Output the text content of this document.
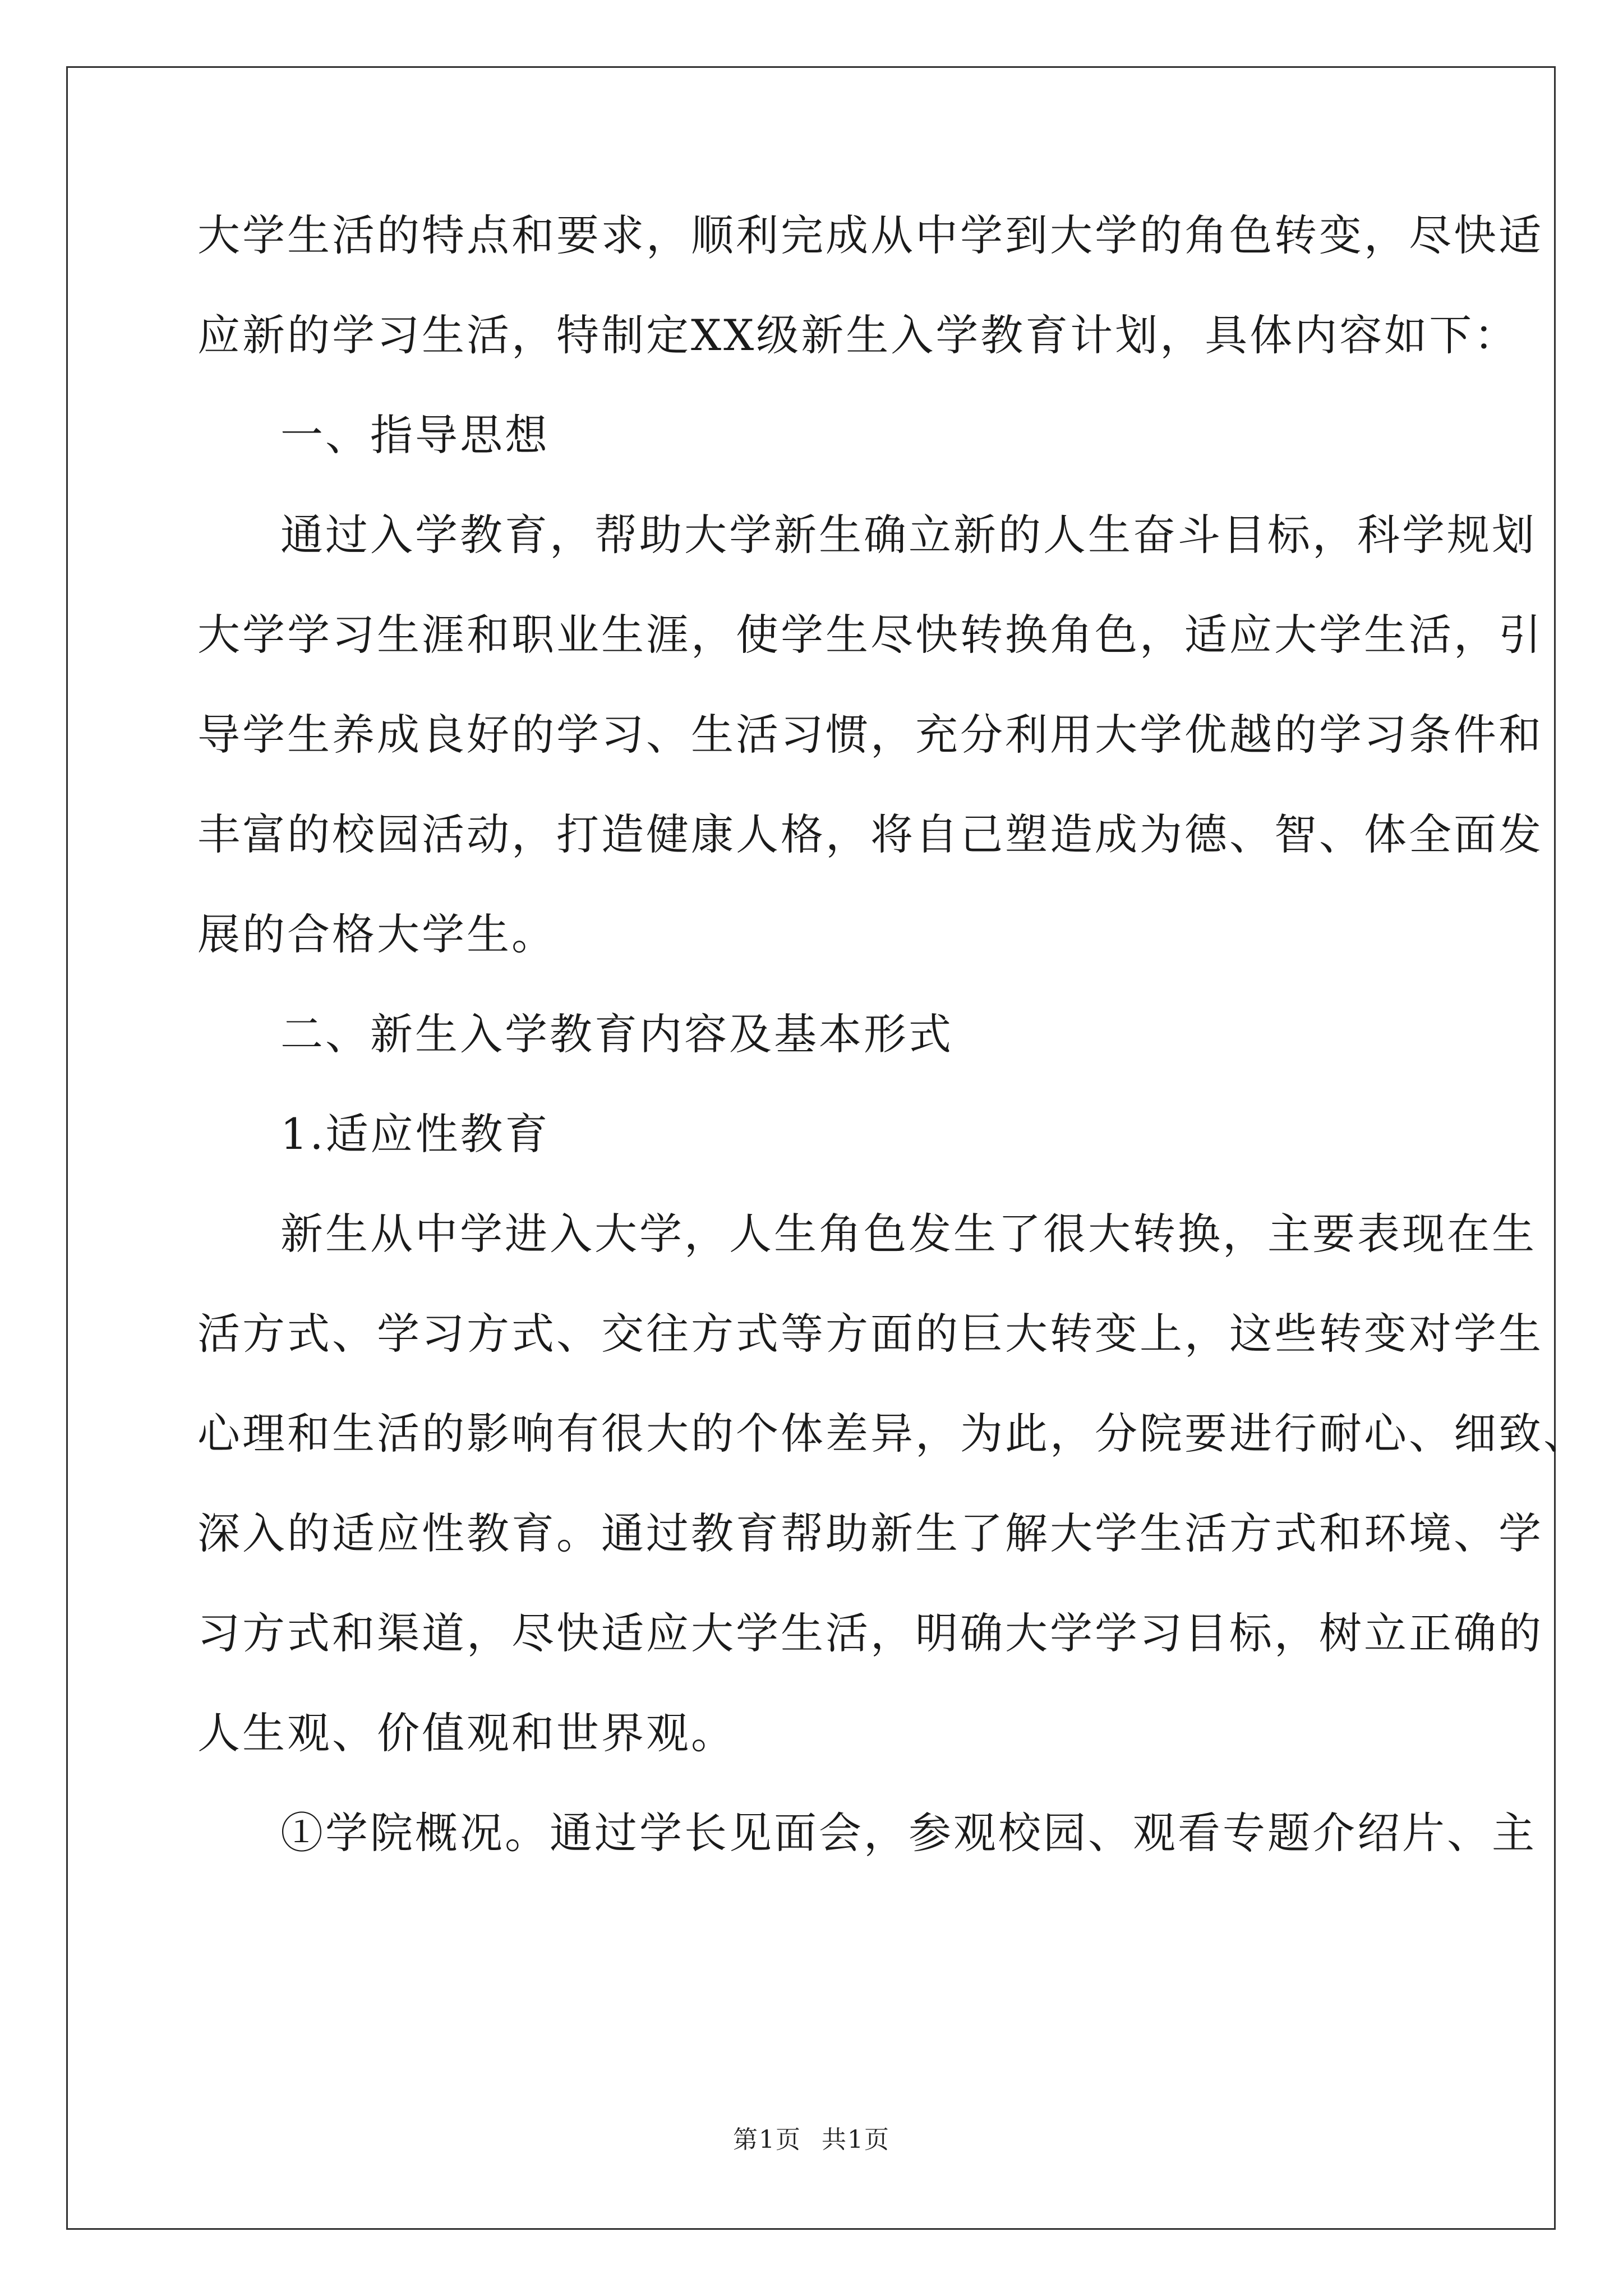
大学生活的特点和要求，顺利完成从中学到大学的角色转变，尽快适
应新的学习生活，特制定XX级新生入学教育计划，具体内容如下：
一、指导思想
通过入学教育，帮助大学新生确立新的人生奋斗目标，科学规划
大学学习生涯和职业生涯，使学生尽快转换角色，适应大学生活，引
导学生养成良好的学习、生活习惯，充分利用大学优越的学习条件和
丰富的校园活动，打造健康人格，将自己塑造成为德、智、体全面发
展的合格大学生。
二、新生入学教育内容及基本形式
1.适应性教育
新生从中学进入大学，人生角色发生了很大转换，主要表现在生
活方式、学习方式、交往方式等方面的巨大转变上，这些转变对学生
心理和生活的影响有很大的个体差异，为此，分院要进行耐心、细致、
深入的适应性教育。通过教育帮助新生了解大学生活方式和环境、学
习方式和渠道，尽快适应大学生活，明确大学学习目标，树立正确的
人生观、价值观和世界观。
①学院概况。通过学长见面会，参观校园、观看专题介绍片、主
第1页 共1页
